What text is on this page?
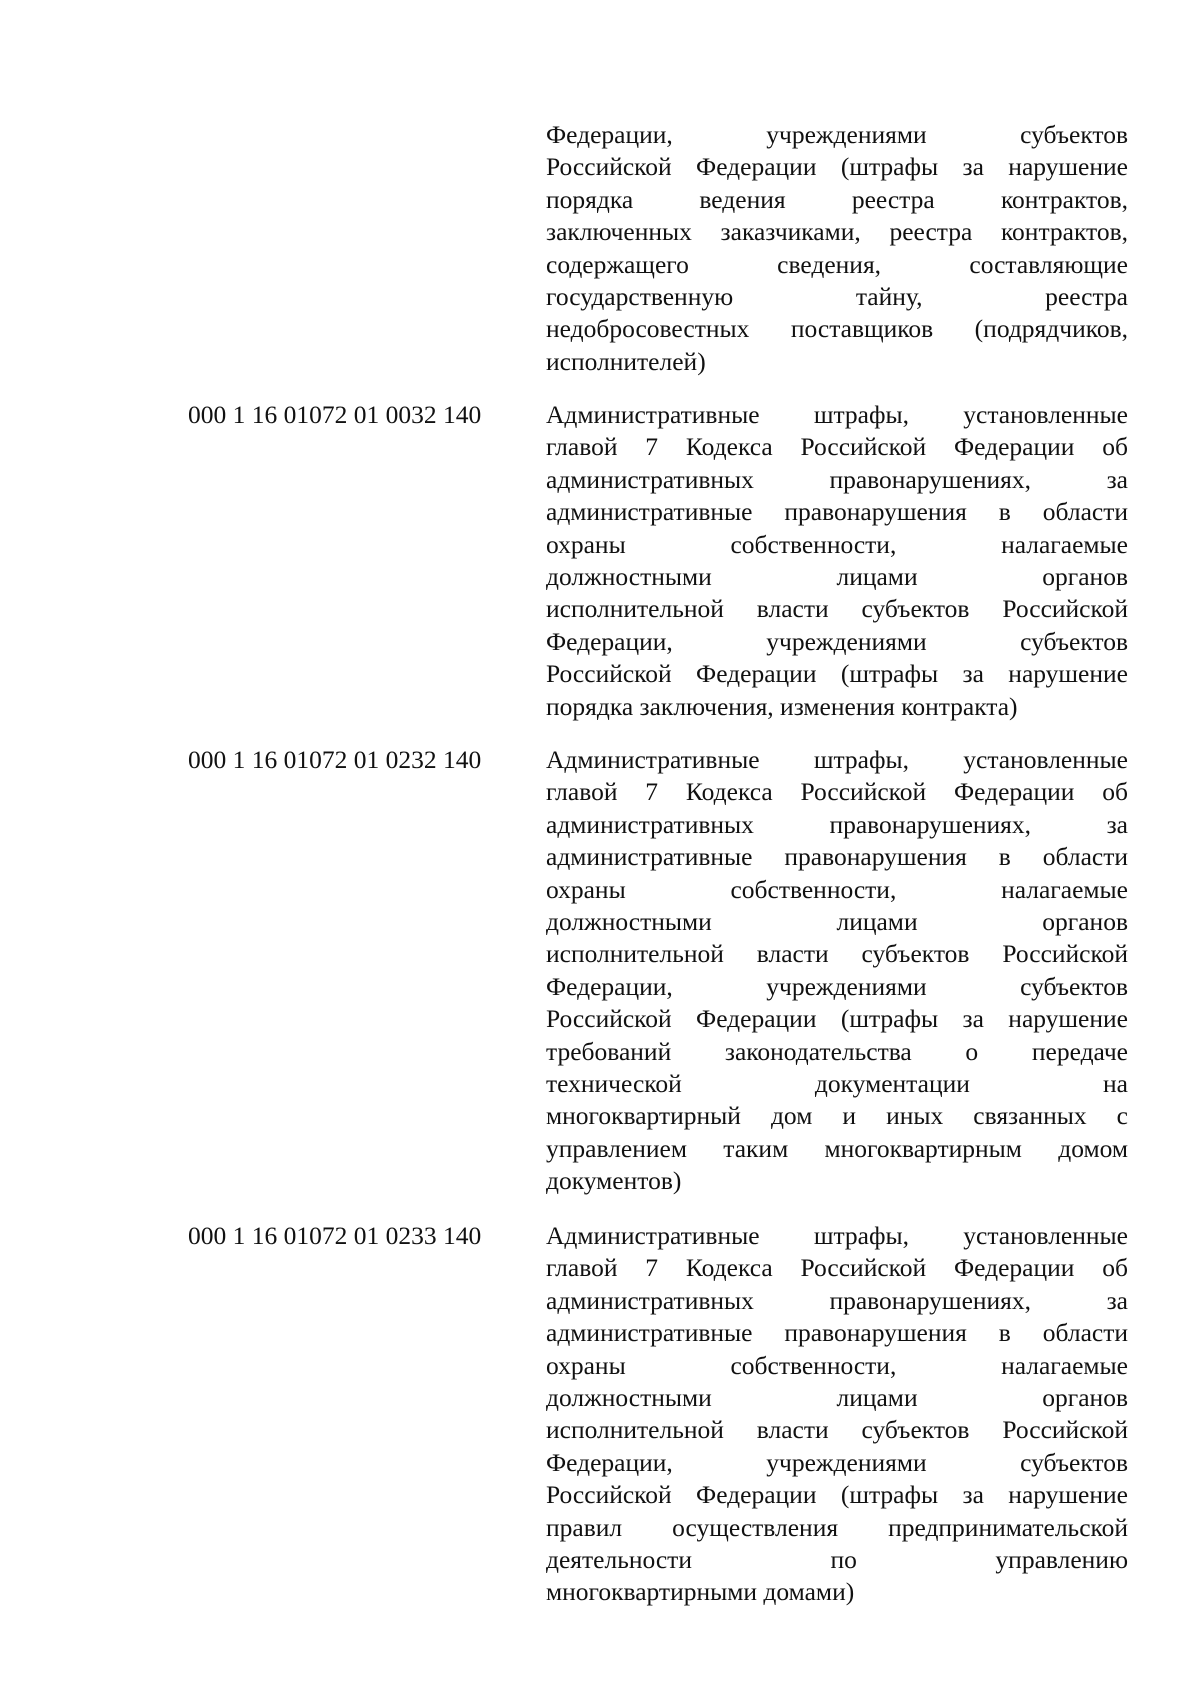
Федерации, учреждениями субъектов
Российской Федерации (штрафы за нарушение
порядка ведения реестра контрактов,
заключенных заказчиками, реестра контрактов,
содержащего сведения, составляющие
государственную тайну, реестра
недобросовестных поставщиков (подрядчиков,
исполнителей)
000 1 16 01072 01 0032 140	Административные штрафы, установленные
главой 7 Кодекса Российской Федерации об
административных правонарушениях, за
административные правонарушения в области
охраны собственности, налагаемые
должностными лицами органов
исполнительной власти субъектов Российской
Федерации, учреждениями субъектов
Российской Федерации (штрафы за нарушение
порядка заключения, изменения контракта)
000 1 16 01072 01 0232 140	Административные штрафы, установленные
главой 7 Кодекса Российской Федерации об
административных правонарушениях, за
административные правонарушения в области
охраны собственности, налагаемые
должностными лицами органов
исполнительной власти субъектов Российской
Федерации, учреждениями субъектов
Российской Федерации (штрафы за нарушение
требований законодательства о передаче
технической документации на
многоквартирный дом и иных связанных с
управлением таким многоквартирным домом
документов)
000 1 16 01072 01 0233 140	Административные штрафы, установленные
главой 7 Кодекса Российской Федерации об
административных правонарушениях, за
административные правонарушения в области
охраны собственности, налагаемые
должностными лицами органов
исполнительной власти субъектов Российской
Федерации, учреждениями субъектов
Российской Федерации (штрафы за нарушение
правил осуществления предпринимательской
деятельности по управлению
многоквартирными домами)
